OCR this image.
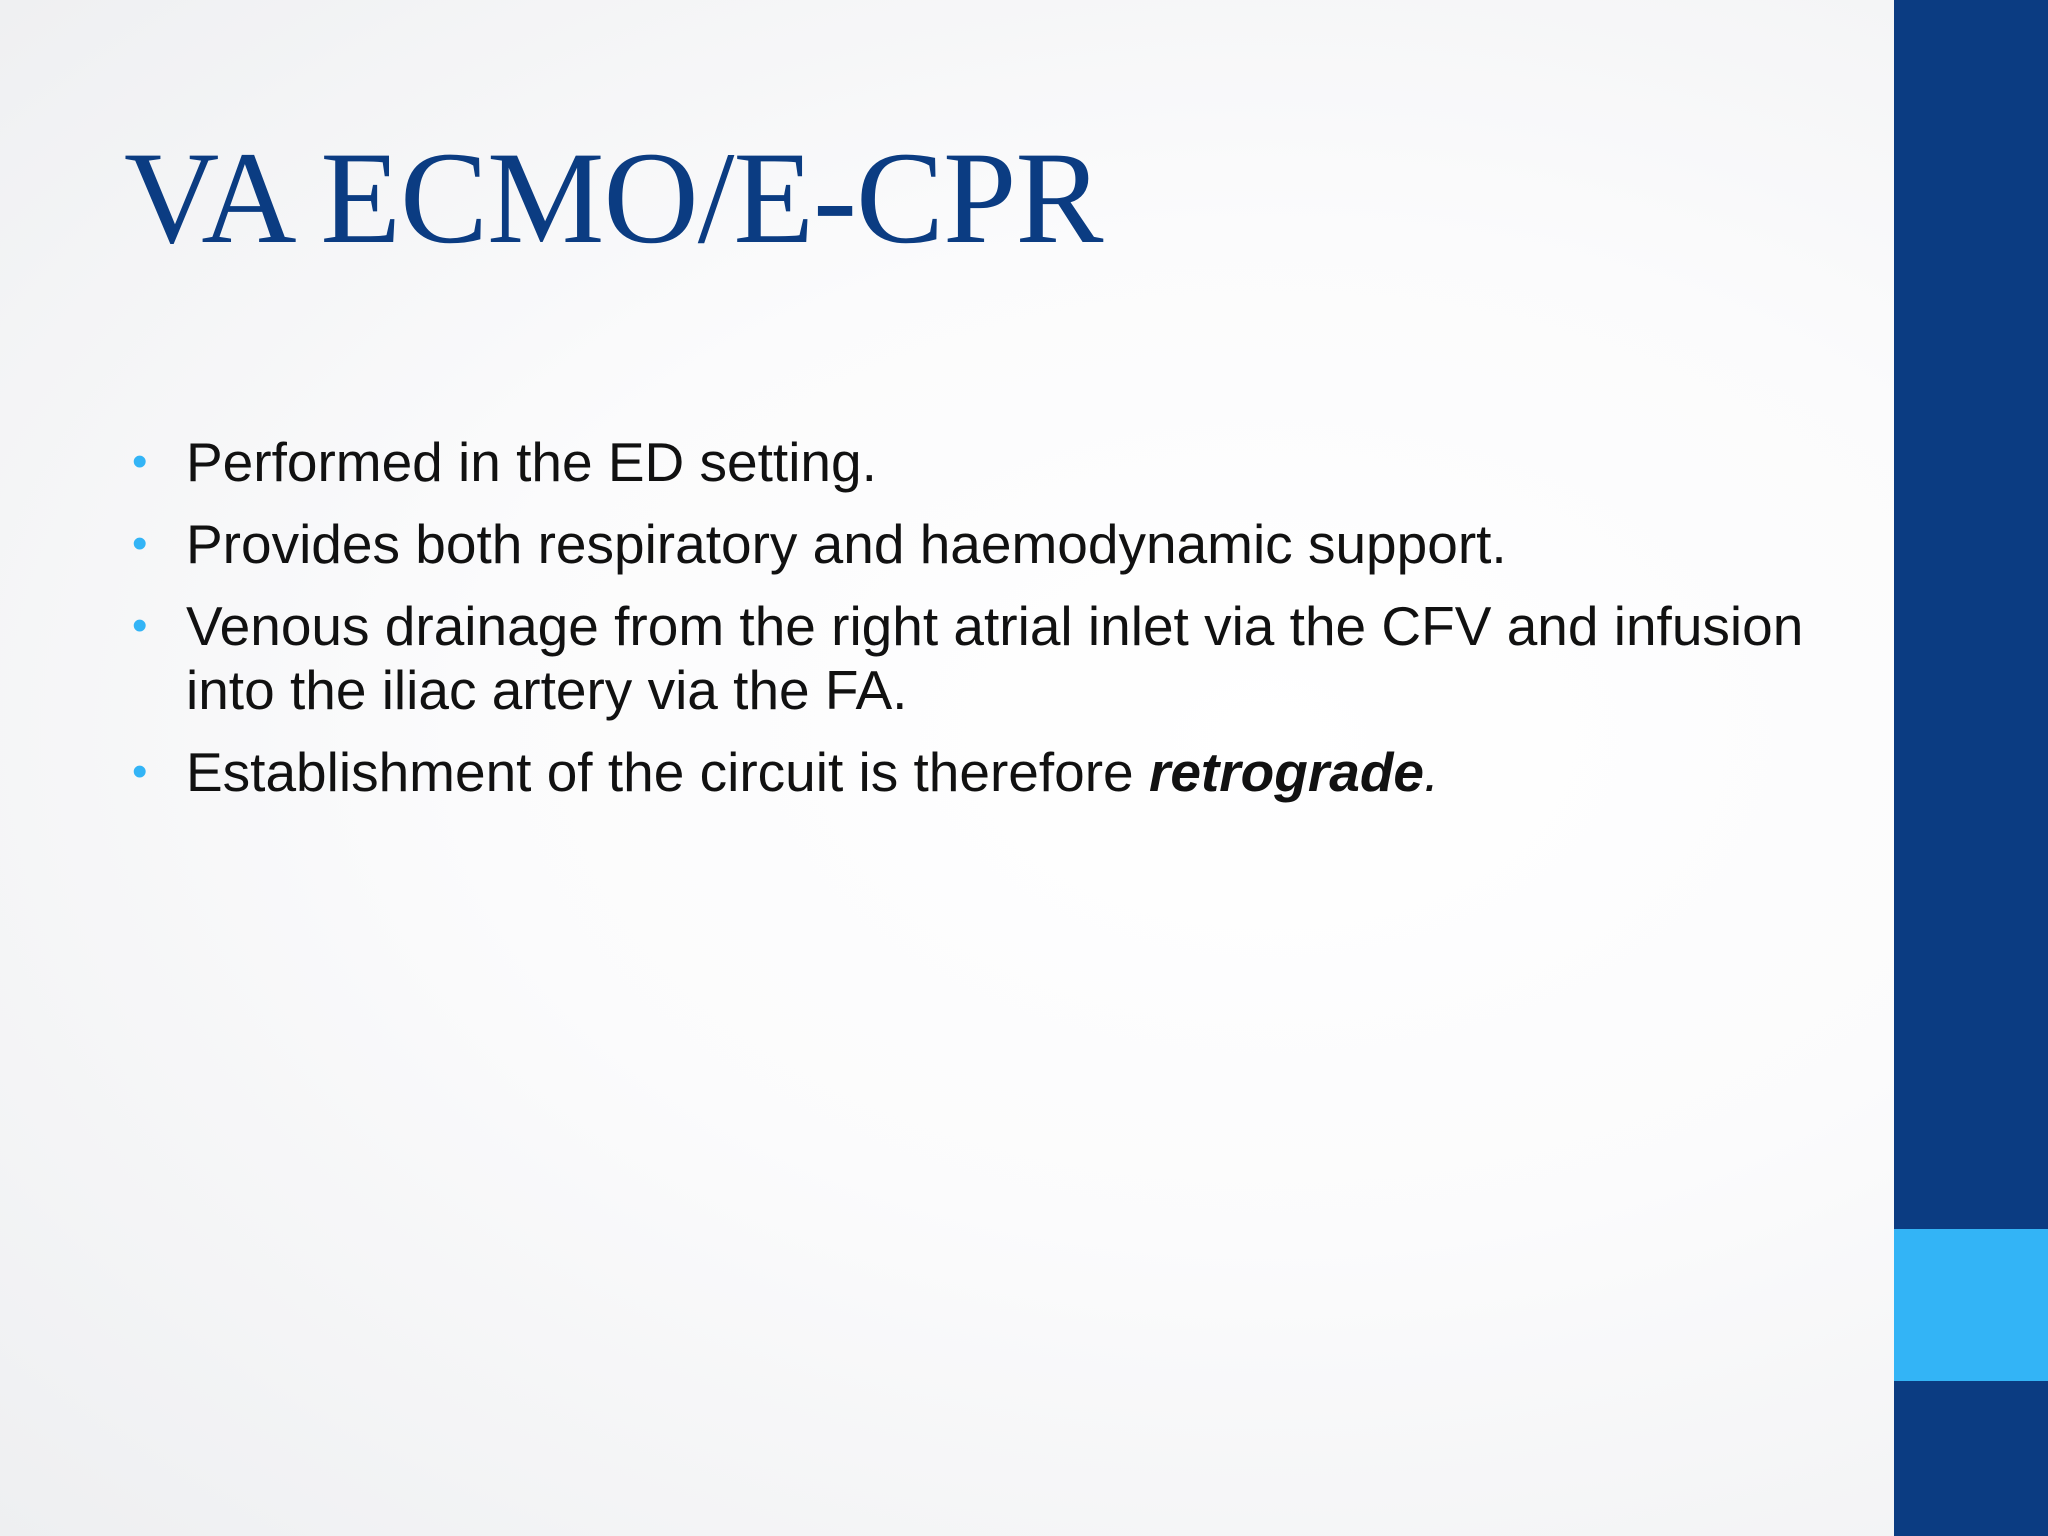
VA ECMO/E-CPR
• Performed in the ED setting.
• Provides both respiratory and haemodynamic support.
• Venous drainage from the right atrial inlet via the CFV and infusion into the iliac artery via the FA.
• Establishment of the circuit is therefore retrograde.
